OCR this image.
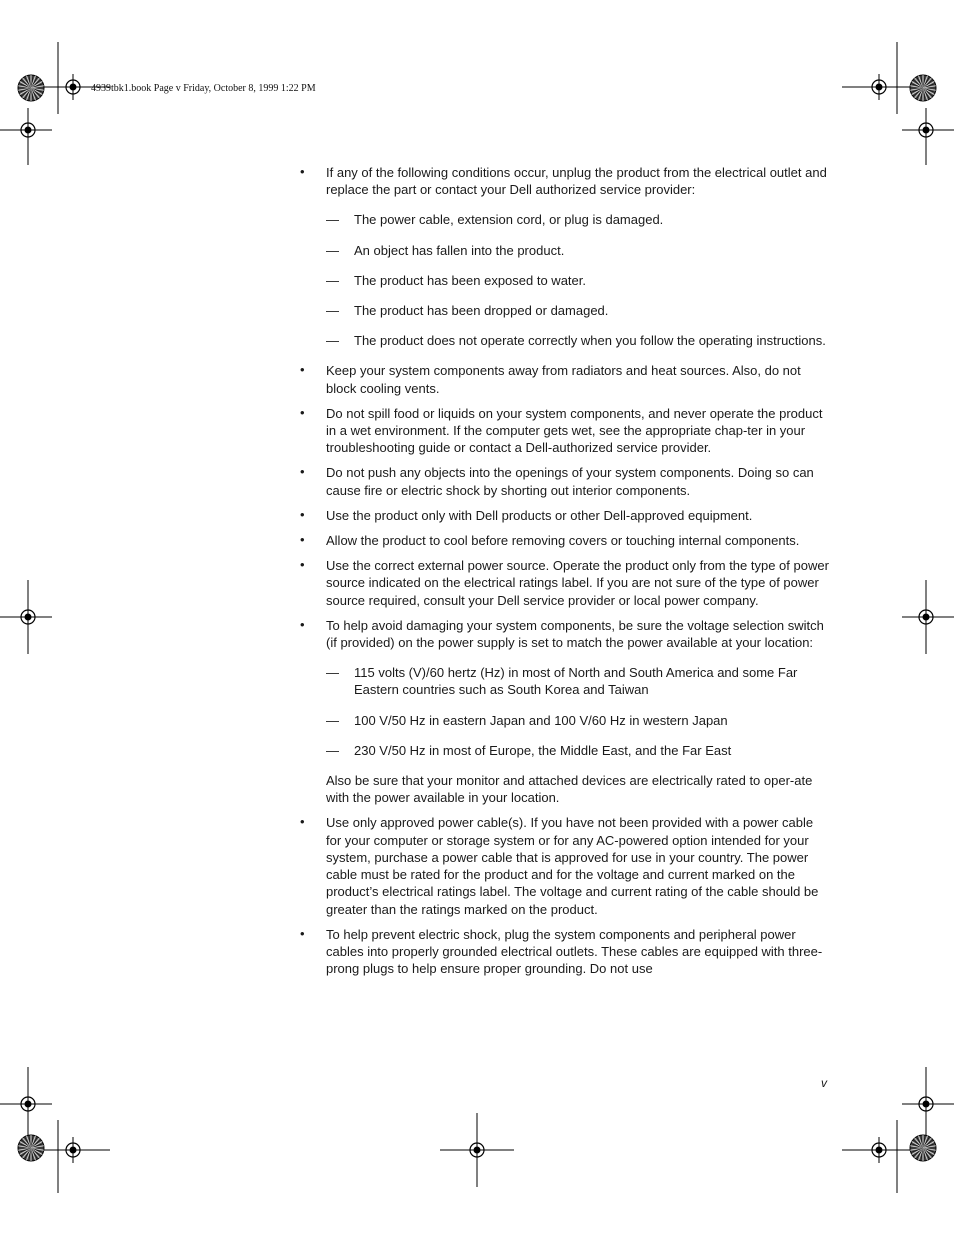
4939tbk1.book Page v Friday, October 8, 1999 1:22 PM
• If any of the following conditions occur, unplug the product from the electrical outlet and replace the part or contact your Dell authorized service provider:

— The power cable, extension cord, or plug is damaged.
— An object has fallen into the product.
— The product has been exposed to water.
— The product has been dropped or damaged.
— The product does not operate correctly when you follow the operating instructions.
• Keep your system components away from radiators and heat sources. Also, do not block cooling vents.

• Do not spill food or liquids on your system components, and never operate the product in a wet environment. If the computer gets wet, see the appropriate chap-ter in your troubleshooting guide or contact a Dell-authorized service provider.

• Do not push any objects into the openings of your system components. Doing so can cause fire or electric shock by shorting out interior components.

• Use the product only with Dell products or other Dell-approved equipment.

• Allow the product to cool before removing covers or touching internal components.

• Use the correct external power source. Operate the product only from the type of power source indicated on the electrical ratings label. If you are not sure of the type of power source required, consult your Dell service provider or local power company.

• To help avoid damaging your system components, be sure the voltage selection switch (if provided) on the power supply is set to match the power available at your location:

— 115 volts (V)/60 hertz (Hz) in most of North and South America and some Far Eastern countries such as South Korea and Taiwan
— 100 V/50 Hz in eastern Japan and 100 V/60 Hz in western Japan
— 230 V/50 Hz in most of Europe, the Middle East, and the Far East

Also be sure that your monitor and attached devices are electrically rated to oper-ate with the power available in your location.

• Use only approved power cable(s). If you have not been provided with a power cable for your computer or storage system or for any AC-powered option intended for your system, purchase a power cable that is approved for use in your country. The power cable must be rated for the product and for the voltage and current marked on the product’s electrical ratings label. The voltage and current rating of the cable should be greater than the ratings marked on the product.

• To help prevent electric shock, plug the system components and peripheral power cables into properly grounded electrical outlets. These cables are equipped with three-prong plugs to help ensure proper grounding. Do not use

v
